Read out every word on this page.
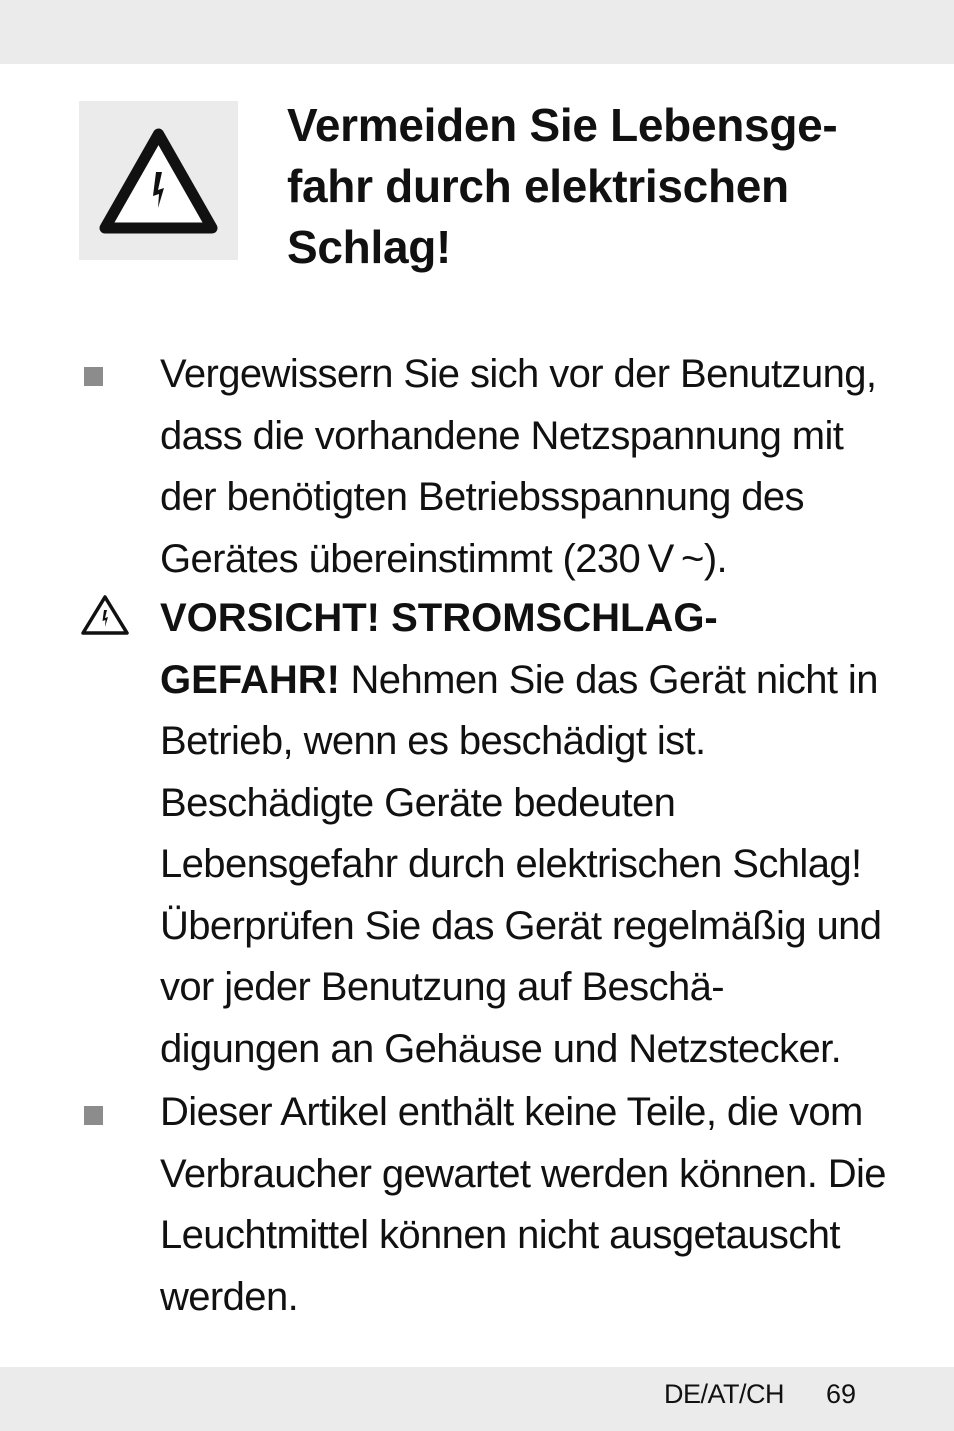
Vermeiden Sie Lebensge-
fahr durch elektrischen
Schlag!

Vergewissern Sie sich vor der Benutzung, dass die vorhandene Netzspannung mit der benötigten Betriebsspannung des Gerätes übereinstimmt (230 V ~).

VORSICHT! STROMSCHLAG-
GEFAHR! Nehmen Sie das Gerät nicht in Betrieb, wenn es beschädigt ist. Beschädigte Geräte bedeuten Lebensgefahr durch elektrischen Schlag! Überprüfen Sie das Gerät regelmäßig und vor jeder Benutzung auf Beschä-
digungen an Gehäuse und Netzstecker.

Dieser Artikel enthält keine Teile, die vom Verbraucher gewartet werden können. Die Leuchtmittel können nicht ausgetauscht werden.

DE/AT/CH 69
